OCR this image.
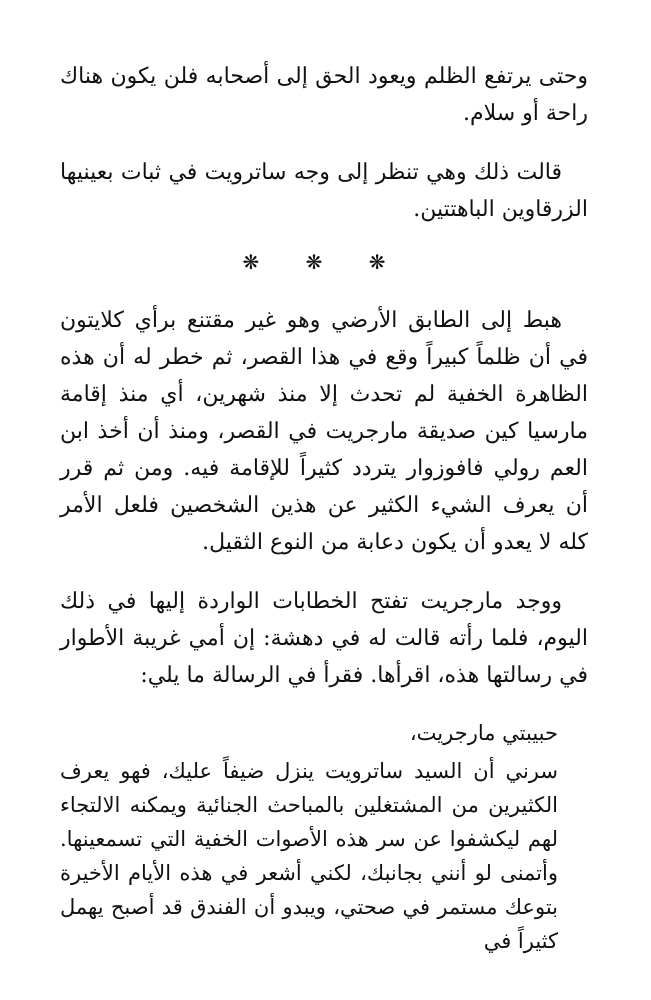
وحتى يرتفع الظلم ويعود الحق إلى أصحابه فلن يكون هناك راحة أو سلام.

قالت ذلك وهي تنظر إلى وجه ساترويت في ثبات بعينيها الزرقاوين الباهتتين.

❋ ❋ ❋

هبط إلى الطابق الأرضي وهو غير مقتنع برأي كلايتون في أن ظلماً كبيراً وقع في هذا القصر، ثم خطر له أن هذه الظاهرة الخفية لم تحدث إلا منذ شهرين، أي منذ إقامة مارسيا كين صديقة مارجريت في القصر، ومنذ أن أخذ ابن العم رولي فافوزوار يتردد كثيراً للإقامة فيه. ومن ثم قرر أن يعرف الشيء الكثير عن هذين الشخصين فلعل الأمر كله لا يعدو أن يكون دعابة من النوع الثقيل.

ووجد مارجريت تفتح الخطابات الواردة إليها في ذلك اليوم، فلما رأته قالت له في دهشة: إن أمي غريبة الأطوار في رسالتها هذه، اقرأها. فقرأ في الرسالة ما يلي:

حبيبتي مارجريت،

سرني أن السيد ساترويت ينزل ضيفاً عليك، فهو يعرف الكثيرين من المشتغلين بالمباحث الجنائية ويمكنه الالتجاء لهم ليكشفوا عن سر هذه الأصوات الخفية التي تسمعينها. وأتمنى لو أنني بجانبك، لكني أشعر في هذه الأيام الأخيرة بتوعك مستمر في صحتي، ويبدو أن الفندق قد أصبح يهمل كثيراً في
